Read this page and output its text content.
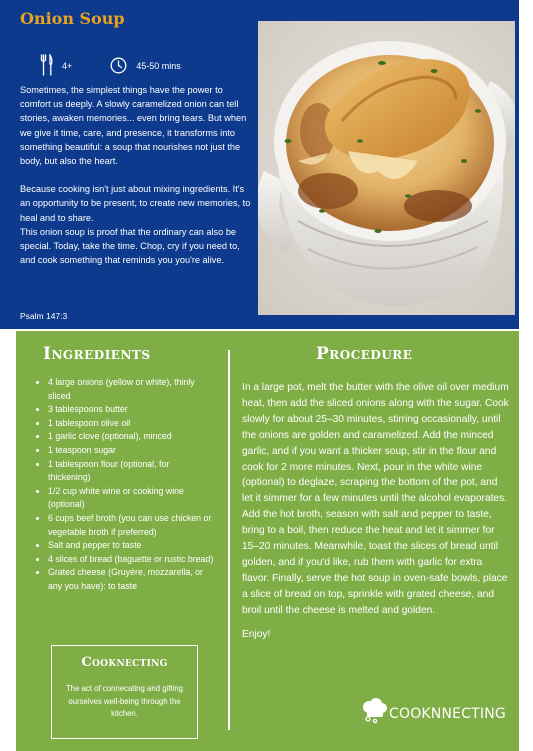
Onion Soup
4+	45-50 mins

Sometimes, the simplest things have the power to comfort us deeply. A slowly caramelized onion can tell stories, awaken memories... even bring tears. But when we give it time, care, and presence, it transforms into something beautiful: a soup that nourishes not just the body, but also the heart.

Because cooking isn't just about mixing ingredients. It's an opportunity to be present, to create new memories, to heal and to share.

This onion soup is proof that the ordinary can also be special. Today, take the time. Chop, cry if you need to, and cook something that reminds you you're alive.

Psalm 147:3
Ingredients
• 4 large onions (yellow or white), thinly sliced
• 3 tablespoons butter
• 1 tablespoon olive oil
• 1 garlic clove (optional), minced
• 1 teaspoon sugar
• 1 tablespoon flour (optional, for thickening)
• 1/2 cup white wine or cooking wine (optional)
• 6 cups beef broth (you can use chicken or vegetable broth if preferred)
• Salt and pepper to taste
• 4 slices of bread (baguette or rustic bread)
• Grated cheese (Gruyère, mozzarella, or any you have): to taste
Procedure

In a large pot, melt the butter with the olive oil over medium heat, then add the sliced onions along with the sugar. Cook slowly for about 25–30 minutes, stirring occasionally, until the onions are golden and caramelized. Add the minced garlic, and if you want a thicker soup, stir in the flour and cook for 2 more minutes. Next, pour in the white wine (optional) to deglaze, scraping the bottom of the pot, and let it simmer for a few minutes until the alcohol evaporates. Add the hot broth, season with salt and pepper to taste, bring to a boil, then reduce the heat and let it simmer for 15–20 minutes. Meanwhile, toast the slices of bread until golden, and if you'd like, rub them with garlic for extra flavor. Finally, serve the hot soup in oven-safe bowls, place a slice of bread on top, sprinkle with grated cheese, and broil until the cheese is melted and golden.

Enjoy!

Cooknecting
The act of connecating and gifting ourselves well-being through the kitchen.	COOKNNECTING
